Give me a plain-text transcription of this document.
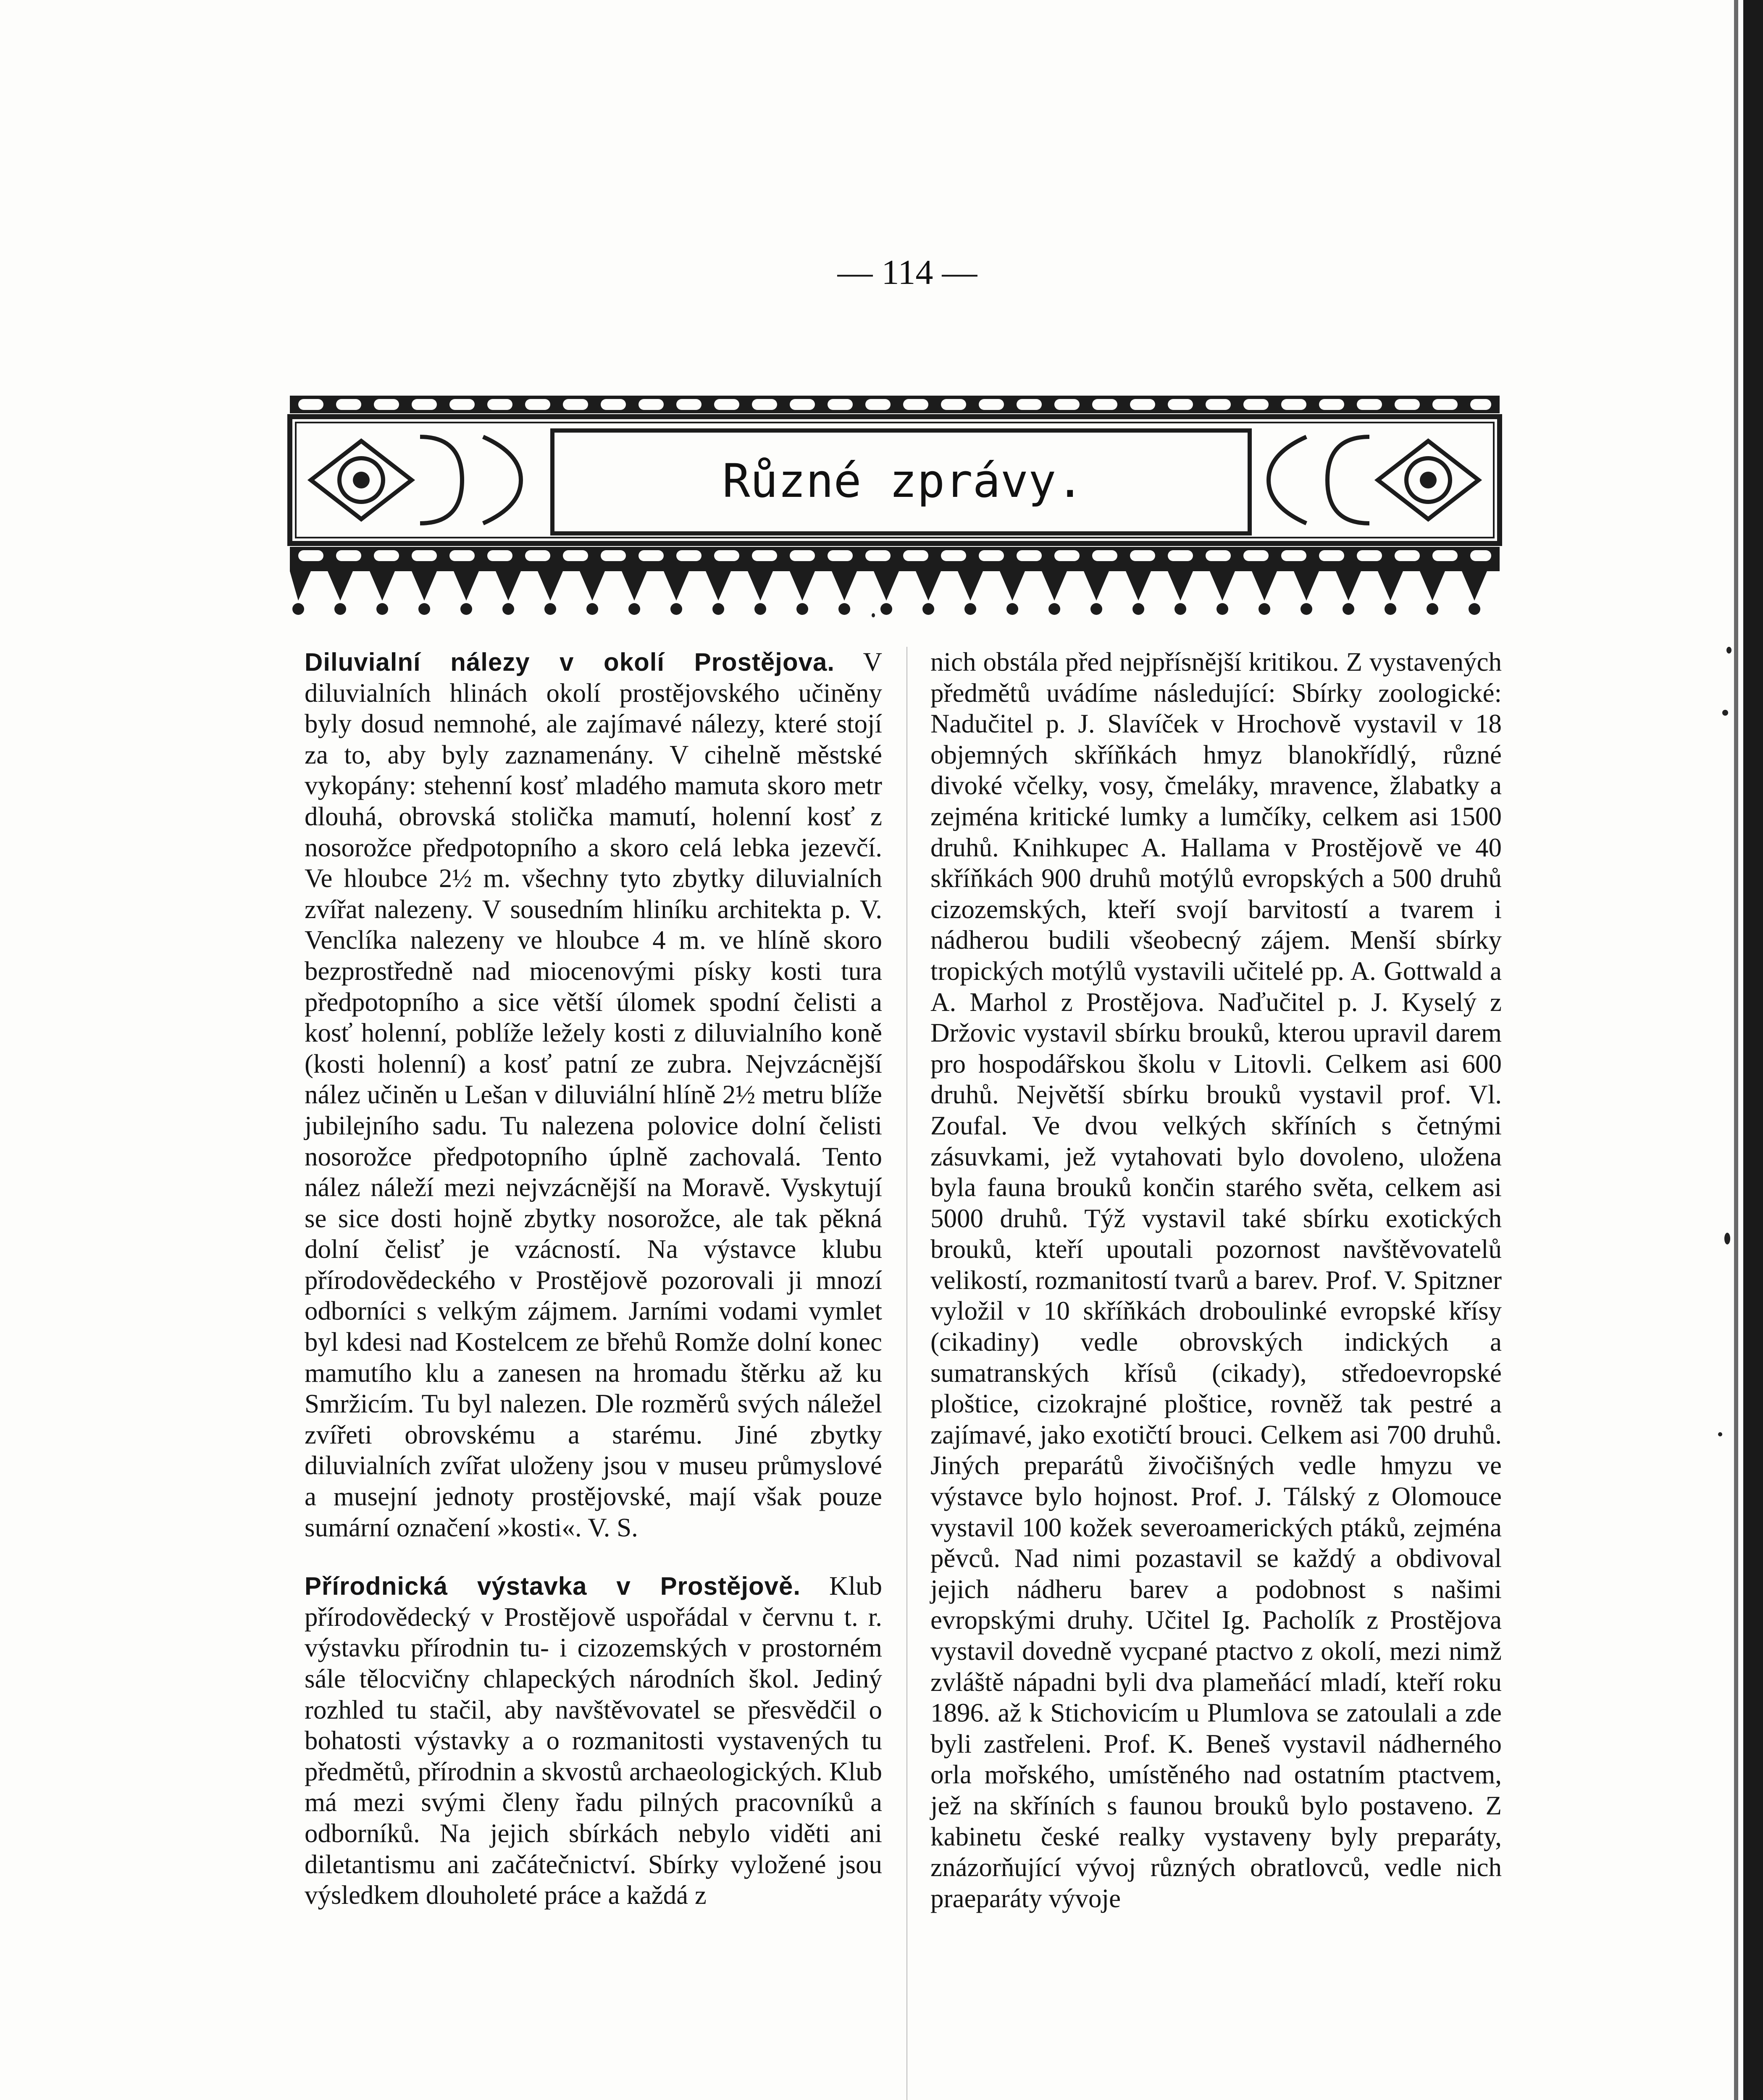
— 114 —
Různé zprávy.

Diluvialní nálezy v okolí Prostějova. V diluvialních hlinách okolí prostějovského učiněny byly dosud nemnohé, ale zajímavé nálezy, které stojí za to, aby byly zaznamenány. V cihelně městské vykopány: stehenní kosť mladého mamuta skoro metr dlouhá, obrovská stolička mamutí, holenní kosť z nosorožce předpotopního a skoro celá lebka jezevčí. Ve hloubce 2½ m. všechny tyto zbytky diluvialních zvířat nalezeny. V sousedním hliníku architekta p. V. Venclíka nalezeny ve hloubce 4 m. ve hlíně skoro bezprostředně nad miocenovými písky kosti tura předpotopního a sice větší úlomek spodní čelisti a kosť holenní, poblíže ležely kosti z diluvialního koně (kosti holenní) a kosť patní ze zubra. Nejvzácnější nález učiněn u Lešan v diluviální hlíně 2½ metru blíže jubilejního sadu. Tu nalezena polovice dolní čelisti nosorožce předpotopního úplně zachovalá. Tento nález náleží mezi nejvzácnější na Moravě. Vyskytují se sice dosti hojně zbytky nosorožce, ale tak pěkná dolní čelisť je vzácností. Na výstavce klubu přírodovědeckého v Prostějově pozorovali ji mnozí odborníci s velkým zájmem. Jarními vodami vymlet byl kdesi nad Kostelcem ze břehů Romže dolní konec mamutího klu a zanesen na hromadu štěrku až ku Smržicím. Tu byl nalezen. Dle rozměrů svých náležel zvířeti obrovskému a starému. Jiné zbytky diluvialních zvířat uloženy jsou v museu průmyslové a musejní jednoty prostějovské, mají však pouze sumární označení »kosti«. V. S.

Přírodnická výstavka v Prostějově. Klub přírodovědecký v Prostějově uspořádal v červnu t. r. výstavku přírodnin tu- i cizozemských v prostorném sále tělocvičny chlapeckých národních škol. Jediný rozhled tu stačil, aby navštěvovatel se přesvědčil o bohatosti výstavky a o rozmanitosti vystavených tu předmětů, přírodnin a skvostů archaeologických. Klub má mezi svými členy řadu pilných pracovníků a odborníků. Na jejich sbírkách nebylo viděti ani diletantismu ani začátečnictví. Sbírky vyložené jsou výsledkem dlouholeté práce a každá z

nich obstála před nejpřísnější kritikou. Z vystavených předmětů uvádíme následující: Sbírky zoologické: Nadučitel p. J. Slavíček v Hrochově vystavil v 18 objemných skříňkách hmyz blanokřídlý, různé divoké včelky, vosy, čmeláky, mravence, žlabatky a zejména kritické lumky a lumčíky, celkem asi 1500 druhů. Knihkupec A. Hallama v Prostějově ve 40 skříňkách 900 druhů motýlů evropských a 500 druhů cizozemských, kteří svojí barvitostí a tvarem i nádherou budili všeobecný zájem. Menší sbírky tropických motýlů vystavili učitelé pp. A. Gottwald a A. Marhol z Prostějova. Naďučitel p. J. Kyselý z Držovic vystavil sbírku brouků, kterou upravil darem pro hospodářskou školu v Litovli. Celkem asi 600 druhů. Největší sbírku brouků vystavil prof. Vl. Zoufal. Ve dvou velkých skříních s četnými zásuvkami, jež vytahovati bylo dovoleno, uložena byla fauna brouků končin starého světa, celkem asi 5000 druhů. Týž vystavil také sbírku exotických brouků, kteří upoutali pozornost navštěvovatelů velikostí, rozmanitostí tvarů a barev. Prof. V. Spitzner vyložil v 10 skříňkách droboulinké evropské křísy (cikadiny) vedle obrovských indických a sumatranských křísů (cikady), středoevropské ploštice, cizokrajné ploštice, rovněž tak pestré a zajímavé, jako exotičtí brouci. Celkem asi 700 druhů. Jiných preparátů živočišných vedle hmyzu ve výstavce bylo hojnost. Prof. J. Tálský z Olomouce vystavil 100 kožek severoamerických ptáků, zejména pěvců. Nad nimi pozastavil se každý a obdivoval jejich nádheru barev a podobnost s našimi evropskými druhy. Učitel Ig. Pacholík z Prostějova vystavil dovedně vycpané ptactvo z okolí, mezi nimž zvláště nápadni byli dva plameňácí mladí, kteří roku 1896. až k Stichovicím u Plumlova se zatoulali a zde byli zastřeleni. Prof. K. Beneš vystavil nádherného orla mořského, umístěného nad ostatním ptactvem, jež na skříních s faunou brouků bylo postaveno. Z kabinetu české realky vystaveny byly preparáty, znázorňující vývoj různých obratlovců, vedle nich praeparáty vývoje
